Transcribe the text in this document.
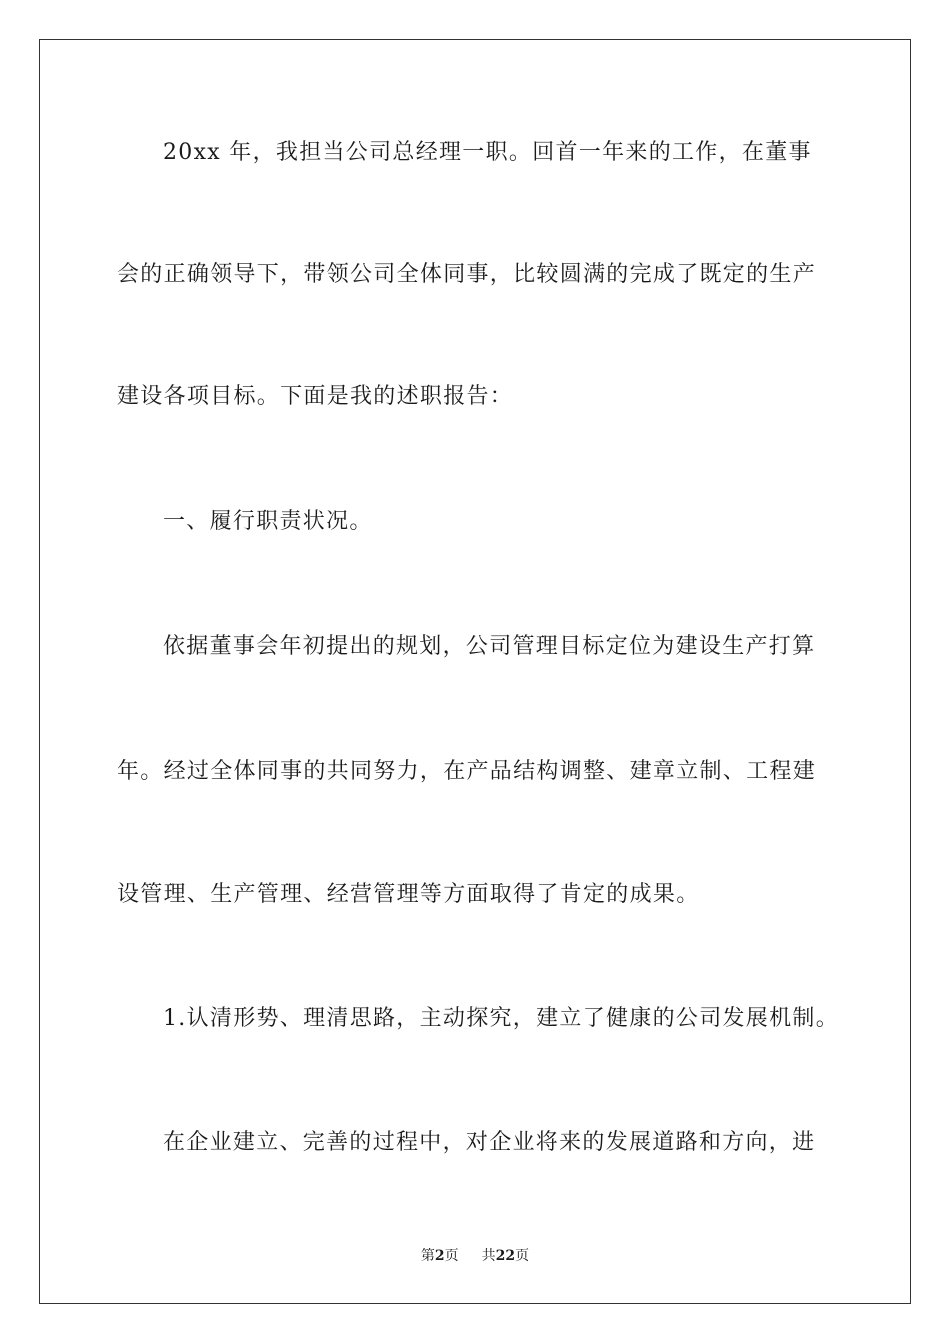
20xx 年，我担当公司总经理一职。回首一年来的工作，在董事
会的正确领导下，带领公司全体同事，比较圆满的完成了既定的生产
建设各项目标。下面是我的述职报告：
一、履行职责状况。
依据董事会年初提出的规划，公司管理目标定位为建设生产打算
年。经过全体同事的共同努力，在产品结构调整、建章立制、工程建
设管理、生产管理、经营管理等方面取得了肯定的成果。
1.认清形势、理清思路，主动探究，建立了健康的公司发展机制。
在企业建立、完善的过程中，对企业将来的发展道路和方向，进
第2页 共22页
